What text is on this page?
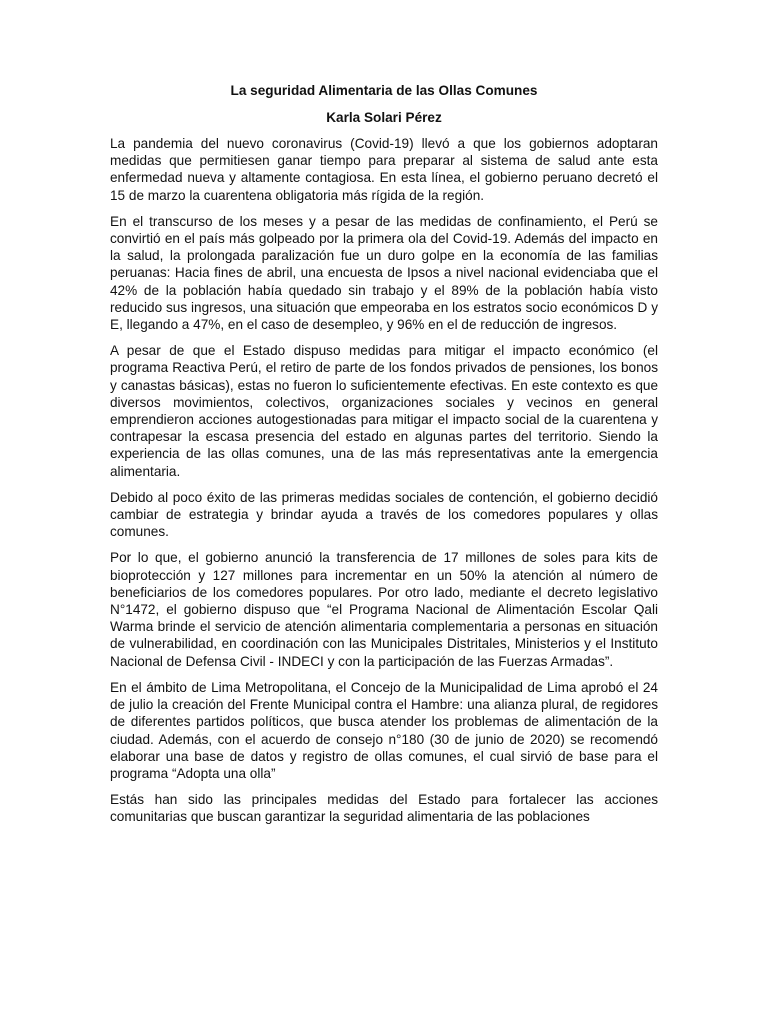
La seguridad Alimentaria de las Ollas Comunes
Karla Solari Pérez

La pandemia del nuevo coronavirus (Covid-19) llevó a que los gobiernos adoptaran medidas que permitiesen ganar tiempo para preparar al sistema de salud ante esta enfermedad nueva y altamente contagiosa. En esta línea, el gobierno peruano decretó el 15 de marzo la cuarentena obligatoria más rígida de la región.

En el transcurso de los meses y a pesar de las medidas de confinamiento, el Perú se convirtió en el país más golpeado por la primera ola del Covid-19. Además del impacto en la salud, la prolongada paralización fue un duro golpe en la economía de las familias peruanas: Hacia fines de abril, una encuesta de Ipsos a nivel nacional evidenciaba que el 42% de la población había quedado sin trabajo y el 89% de la población había visto reducido sus ingresos, una situación que empeoraba en los estratos socio económicos D y E, llegando a 47%, en el caso de desempleo, y 96% en el de reducción de ingresos.

A pesar de que el Estado dispuso medidas para mitigar el impacto económico (el programa Reactiva Perú, el retiro de parte de los fondos privados de pensiones, los bonos y canastas básicas), estas no fueron lo suficientemente efectivas. En este contexto es que diversos movimientos, colectivos, organizaciones sociales y vecinos en general emprendieron acciones autogestionadas para mitigar el impacto social de la cuarentena y contrapesar la escasa presencia del estado en algunas partes del territorio. Siendo la experiencia de las ollas comunes, una de las más representativas ante la emergencia alimentaria.

Debido al poco éxito de las primeras medidas sociales de contención, el gobierno decidió cambiar de estrategia y brindar ayuda a través de los comedores populares y ollas comunes.

Por lo que, el gobierno anunció la transferencia de 17 millones de soles para kits de bioprotección y 127 millones para incrementar en un 50% la atención al número de beneficiarios de los comedores populares. Por otro lado, mediante el decreto legislativo N°1472, el gobierno dispuso que “el Programa Nacional de Alimentación Escolar Qali Warma brinde el servicio de atención alimentaria complementaria a personas en situación de vulnerabilidad, en coordinación con las Municipales Distritales, Ministerios y el Instituto Nacional de Defensa Civil - INDECI y con la participación de las Fuerzas Armadas”.

En el ámbito de Lima Metropolitana, el Concejo de la Municipalidad de Lima aprobó el 24 de julio la creación del Frente Municipal contra el Hambre: una alianza plural, de regidores de diferentes partidos políticos, que busca atender los problemas de alimentación de la ciudad. Además, con el acuerdo de consejo n°180 (30 de junio de 2020) se recomendó elaborar una base de datos y registro de ollas comunes, el cual sirvió de base para el programa “Adopta una olla”

Estás han sido las principales medidas del Estado para fortalecer las acciones comunitarias que buscan garantizar la seguridad alimentaria de las poblaciones
